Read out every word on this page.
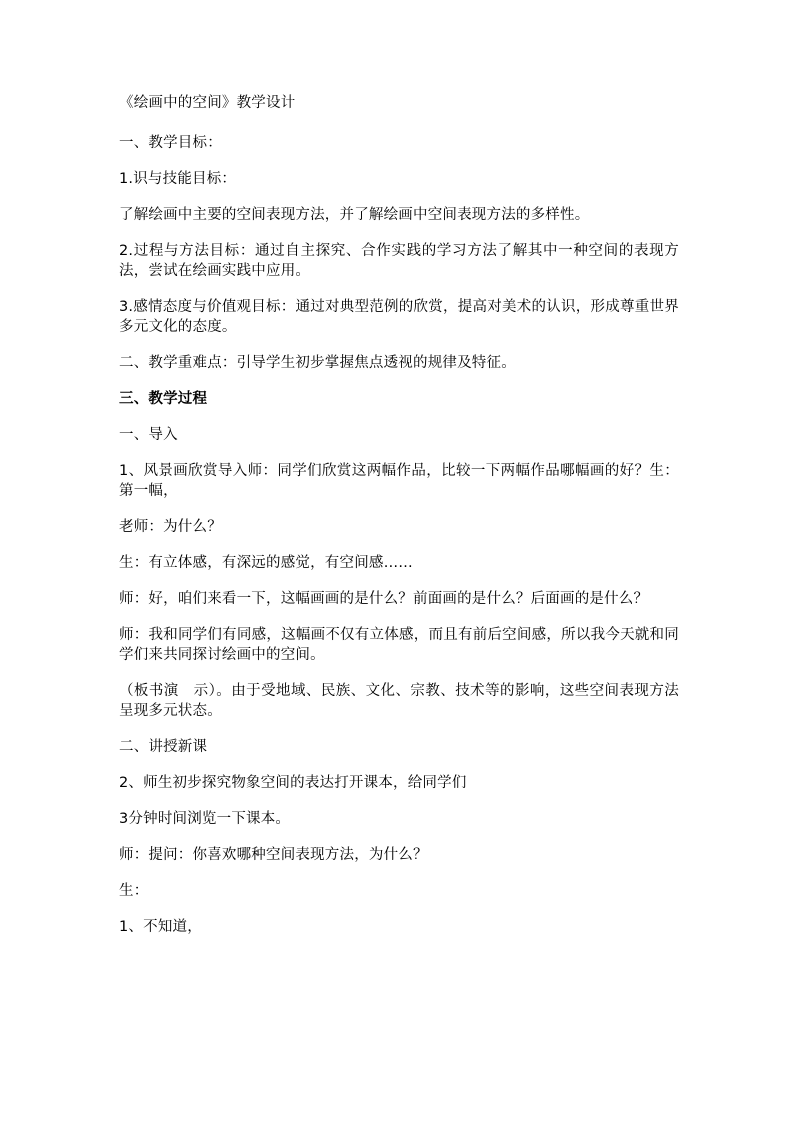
《绘画中的空间》教学设计

一、教学目标：

1.识与技能目标：

了解绘画中主要的空间表现方法，并了解绘画中空间表现方法的多样性。

2.过程与方法目标：通过自主探究、合作实践的学习方法了解其中一种空间的表现方法，尝试在绘画实践中应用。

3.感情态度与价值观目标：通过对典型范例的欣赏，提高对美术的认识，形成尊重世界多元文化的态度。

二、教学重难点：引导学生初步掌握焦点透视的规律及特征。

三、教学过程

一、导入

1、风景画欣赏导入师：同学们欣赏这两幅作品，比较一下两幅作品哪幅画的好？生：第一幅，

老师：为什么？

生：有立体感，有深远的感觉，有空间感……

师：好，咱们来看一下，这幅画画的是什么？前面画的是什么？后面画的是什么？

师：我和同学们有同感，这幅画不仅有立体感，而且有前后空间感，所以我今天就和同学们来共同探讨绘画中的空间。

（板书演　示）。由于受地域、民族、文化、宗教、技术等的影响，这些空间表现方法呈现多元状态。

二、讲授新课

2、师生初步探究物象空间的表达打开课本，给同学们

3分钟时间浏览一下课本。

师：提问：你喜欢哪种空间表现方法，为什么？

生：

1、不知道，
